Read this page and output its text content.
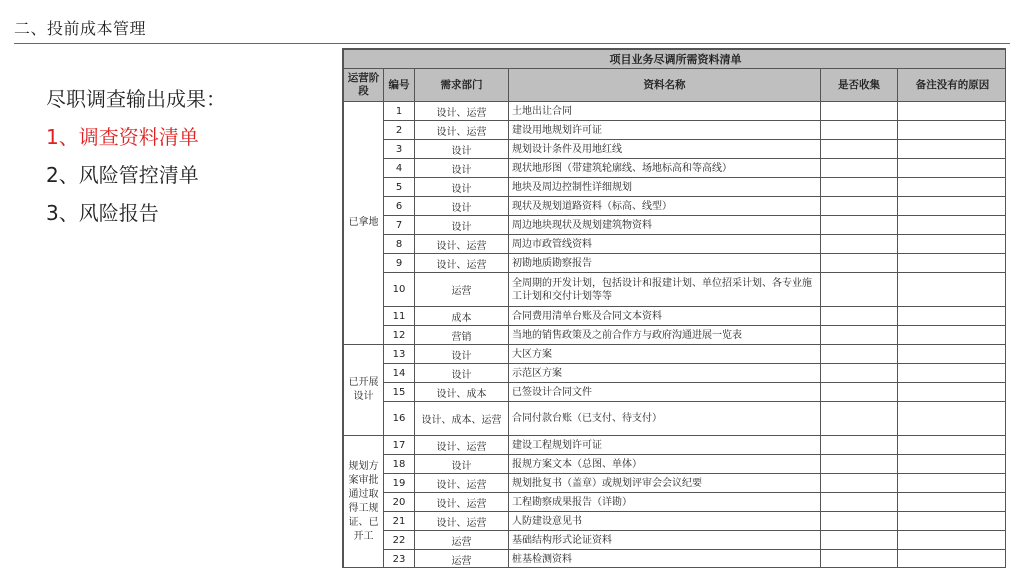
二、投前成本管理
尽职调查输出成果：
1、调查资料清单
2、风险管控清单
3、风险报告
项目业务尽调所需资料清单					
运营阶段	编号	需求部门	资料名称	是否收集	备注没有的原因
已拿地	1	设计、运营	土地出让合同		
	2	设计、运营	建设用地规划许可证		
	3	设计	规划设计条件及用地红线		
	4	设计	现状地形图（带建筑轮廓线、场地标高和等高线）		
	5	设计	地块及周边控制性详细规划		
	6	设计	现状及规划道路资料（标高、线型）		
	7	设计	周边地块现状及规划建筑物资料		
	8	设计、运营	周边市政管线资料		
	9	设计、运营	初勘地质勘察报告		
	10	运营	全周期的开发计划，包括设计和报建计划、单位招采计划、各专业施工计划和交付计划等等		
	11	成本	合同费用清单台账及合同文本资料		
	12	营销	当地的销售政策及之前合作方与政府沟通进展一览表		
已开展设计	13	设计	大区方案		
	14	设计	示范区方案		
	15	设计、成本	已签设计合同文件		
	16	设计、成本、运营	合同付款台账（已支付、待支付）		
规划方案审批通过取得工规证、已开工	17	设计、运营	建设工程规划许可证		
	18	设计	报规方案文本（总图、单体）		
	19	设计、运营	规划批复书（盖章）或规划评审会会议纪要		
	20	设计、运营	工程勘察成果报告（详勘）		
	21	设计、运营	人防建设意见书		
	22	运营	基础结构形式论证资料		
	23	运营	桩基检测资料		
